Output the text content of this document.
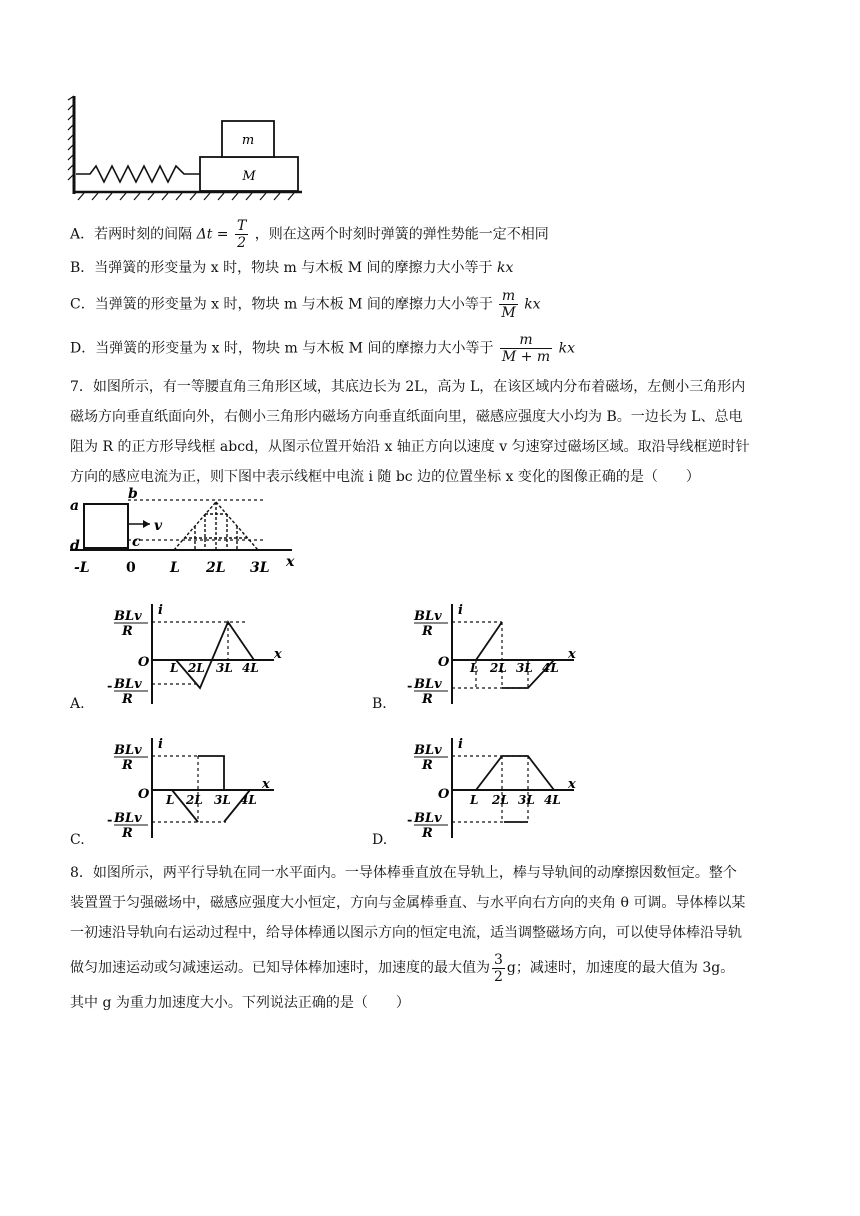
m
M
A．若两时刻的间隔 $\Delta t = \frac{T}{2}$ ，则在这两个时刻时弹簧的弹性势能一定不相同
B．当弹簧的形变量为 x 时，物块 m 与木板 M 间的摩擦力大小等于 kx
C．当弹簧的形变量为 x 时，物块 m 与木板 M 间的摩擦力大小等于 $\frac{m}{M}$ kx
D．当弹簧的形变量为 x 时，物块 m 与木板 M 间的摩擦力大小等于 $\frac{m}{M + m}$ kx
7．如图所示，有一等腰直角三角形区域，其底边长为 2L，高为 L，在该区域内分布着磁场，左侧小三角形内
磁场方向垂直纸面向外，右侧小三角形内磁场方向垂直纸面向里，磁感应强度大小均为 B。一边长为 L、总电
阻为 R 的正方形导线框 abcd，从图示位置开始沿 x 轴正方向以速度 v 匀速穿过磁场区域。取沿导线框逆时针
方向的感应电流为正，则下图中表示线框中电流 i 随 bc 边的位置坐标 x 变化的图像正确的是（　　）
a
b
d	c
v
x
-L	0 L 2L 3L
BLv
R
- BLv
R
i
O
x
L 2L 3L 4L
A.
BLv
R
- BLv
R
i
O
x
L 2L 3L 4L
B.
BLv
R
- BLv
R
i
O
x
L 2L 3L 4L
C.
BLv
R
- BLv
R
i
O
x
L 2L 3L 4L
D.
8．如图所示，两平行导轨在同一水平面内。一导体棒垂直放在导轨上，棒与导轨间的动摩擦因数恒定。整个
装置置于匀强磁场中，磁感应强度大小恒定，方向与金属棒垂直、与水平向右方向的夹角 θ 可调。导体棒以某
一初速沿导轨向右运动过程中，给导体棒通以图示方向的恒定电流，适当调整磁场方向，可以使导体棒沿导轨
做匀加速运动或匀减速运动。已知导体棒加速时，加速度的最大值为 $\frac{3}{2}$ g；减速时，加速度的最大值为 3g。
其中 g 为重力加速度大小。下列说法正确的是（　　）
